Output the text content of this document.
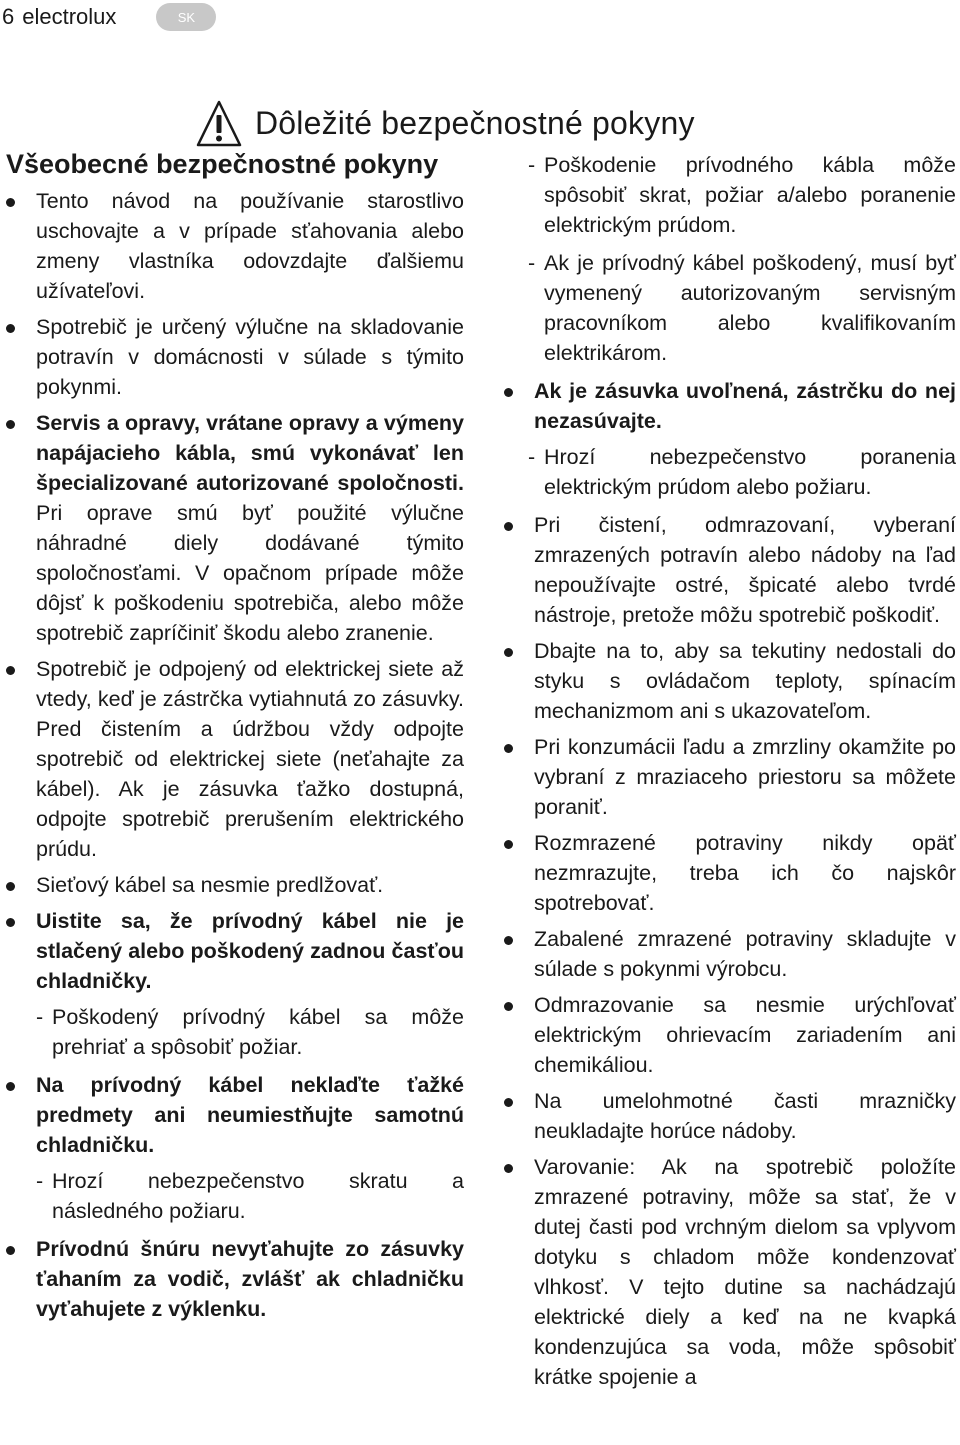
6 electrolux	SK
Dôležité bezpečnostné pokyny
Všeobecné bezpečnostné pokyny
Tento návod na používanie starostlivo uschovajte a v prípade sťahovania alebo zmeny vlastníka odovzdajte ďalšiemu užívateľovi.
Spotrebič je určený výlučne na skladovanie potravín v domácnosti v súlade s týmito pokynmi.
Servis a opravy, vrátane opravy a výmeny napájacieho kábla, smú vykonávať len špecializované autorizované spoločnosti. Pri oprave smú byť použité výlučne náhradné diely dodávané týmito spoločnosťami. V opačnom prípade môže dôjsť k poškodeniu spotrebiča, alebo môže spotrebič zapríčiniť škodu alebo zranenie.
Spotrebič je odpojený od elektrickej siete až vtedy, keď je zástrčka vytiahnutá zo zásuvky. Pred čistením a údržbou vždy odpojte spotrebič od elektrickej siete (neťahajte za kábel). Ak je zásuvka ťažko dostupná, odpojte spotrebič prerušením elektrického prúdu.
Sieťový kábel sa nesmie predlžovať.
Uistite sa, že prívodný kábel nie je stlačený alebo poškodený zadnou časťou chladničky.
- Poškodený prívodný kábel sa môže prehriať a spôsobiť požiar.
Na prívodný kábel neklaďte ťažké predmety ani neumiestňujte samotnú chladničku.
- Hrozí nebezpečenstvo skratu a následného požiaru.
Prívodnú šnúru nevyťahujte zo zásuvky ťahaním za vodič, zvlášť ak chladničku vyťahujete z výklenku.
- Poškodenie prívodného kábla môže spôsobiť skrat, požiar a/alebo poranenie elektrickým prúdom.
- Ak je prívodný kábel poškodený, musí byť vymenený autorizovaným servisným pracovníkom alebo kvalifikovaním elektrikárom.
Ak je zásuvka uvoľnená, zástrčku do nej nezasúvajte.
- Hrozí nebezpečenstvo poranenia elektrickým prúdom alebo požiaru.
Pri čistení, odmrazovaní, vyberaní zmrazených potravín alebo nádoby na ľad nepoužívajte ostré, špicaté alebo tvrdé nástroje, pretože môžu spotrebič poškodiť.
Dbajte na to, aby sa tekutiny nedostali do styku s ovládačom teploty, spínacím mechanizmom ani s ukazovateľom.
Pri konzumácii ľadu a zmrzliny okamžite po vybraní z mraziaceho priestoru sa môžete poraniť.
Rozmrazené potraviny nikdy opäť nezmrazujte, treba ich čo najskôr spotrebovať.
Zabalené zmrazené potraviny skladujte v súlade s pokynmi výrobcu.
Odmrazovanie sa nesmie urýchľovať elektrickým ohrievacím zariadením ani chemikáliou.
Na umelohmotné časti mrazničky neukladajte horúce nádoby.
Varovanie: Ak na spotrebič položíte zmrazené potraviny, môže sa stať, že v dutej časti pod vrchným dielom sa vplyvom dotyku s chladom môže kondenzovať vlhkosť. V tejto dutine sa nachádzajú elektrické diely a keď na ne kvapká kondenzujúca sa voda, môže spôsobiť krátke spojenie a
